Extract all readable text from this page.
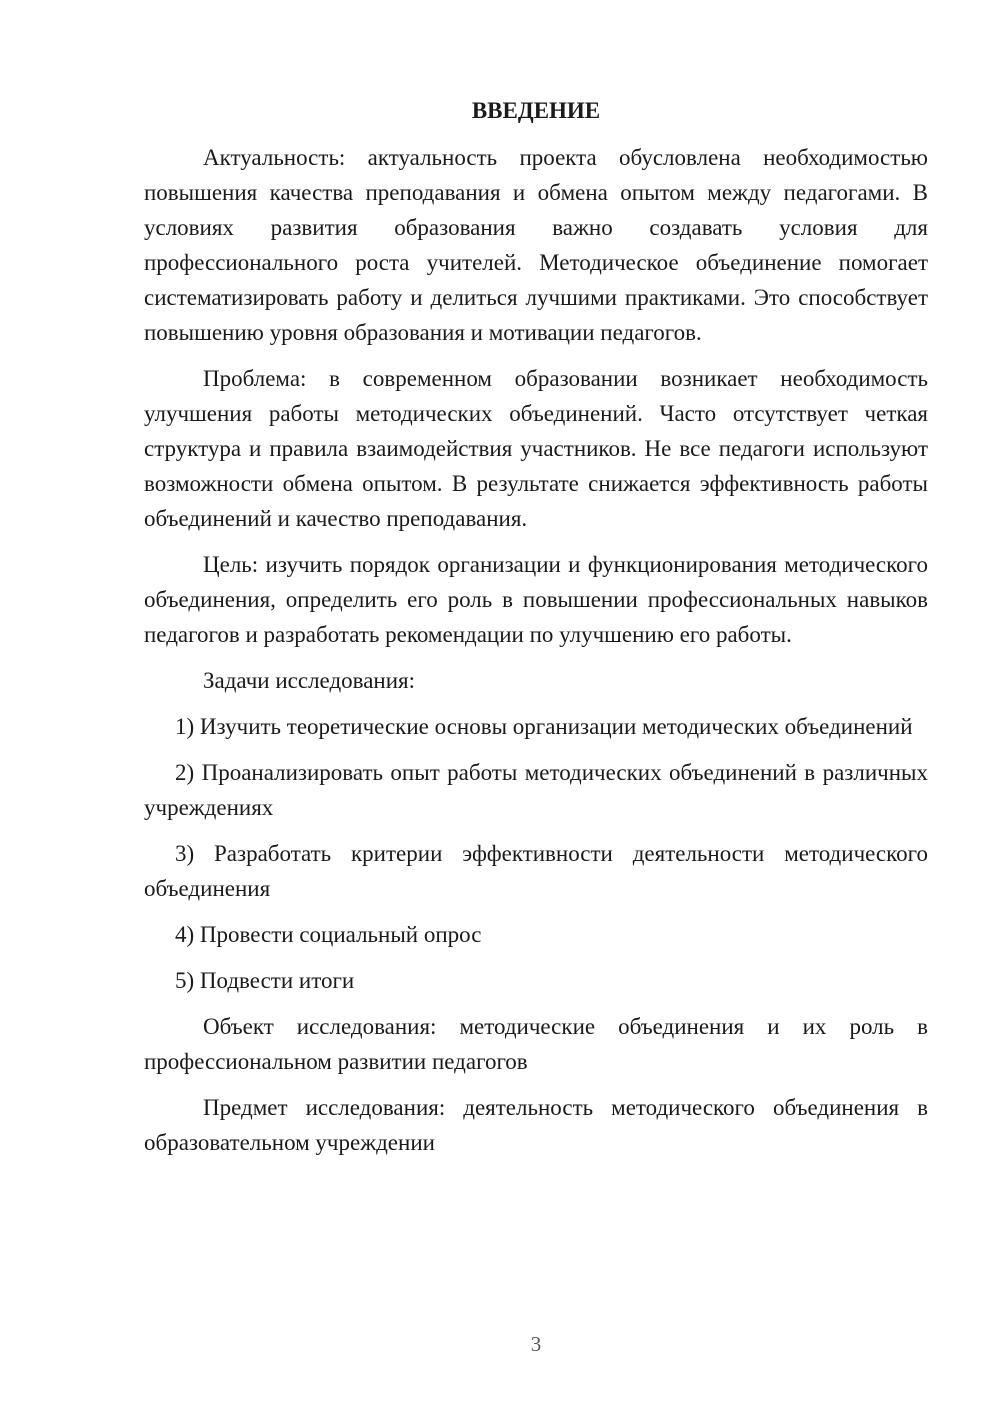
ВВЕДЕНИЕ

Актуальность: актуальность проекта обусловлена необходимостью повышения качества преподавания и обмена опытом между педагогами. В условиях развития образования важно создавать условия для профессионального роста учителей. Методическое объединение помогает систематизировать работу и делиться лучшими практиками. Это способствует повышению уровня образования и мотивации педагогов.

Проблема: в современном образовании возникает необходимость улучшения работы методических объединений. Часто отсутствует четкая структура и правила взаимодействия участников. Не все педагоги используют возможности обмена опытом. В результате снижается эффективность работы объединений и качество преподавания.

Цель: изучить порядок организации и функционирования методического объединения, определить его роль в повышении профессиональных навыков педагогов и разработать рекомендации по улучшению его работы.

Задачи исследования:

1) Изучить теоретические основы организации методических объединений

2) Проанализировать опыт работы методических объединений в различных учреждениях

3) Разработать критерии эффективности деятельности методического объединения

4) Провести социальный опрос

5) Подвести итоги

Объект исследования: методические объединения и их роль в профессиональном развитии педагогов

Предмет исследования: деятельность методического объединения в образовательном учреждении

3
